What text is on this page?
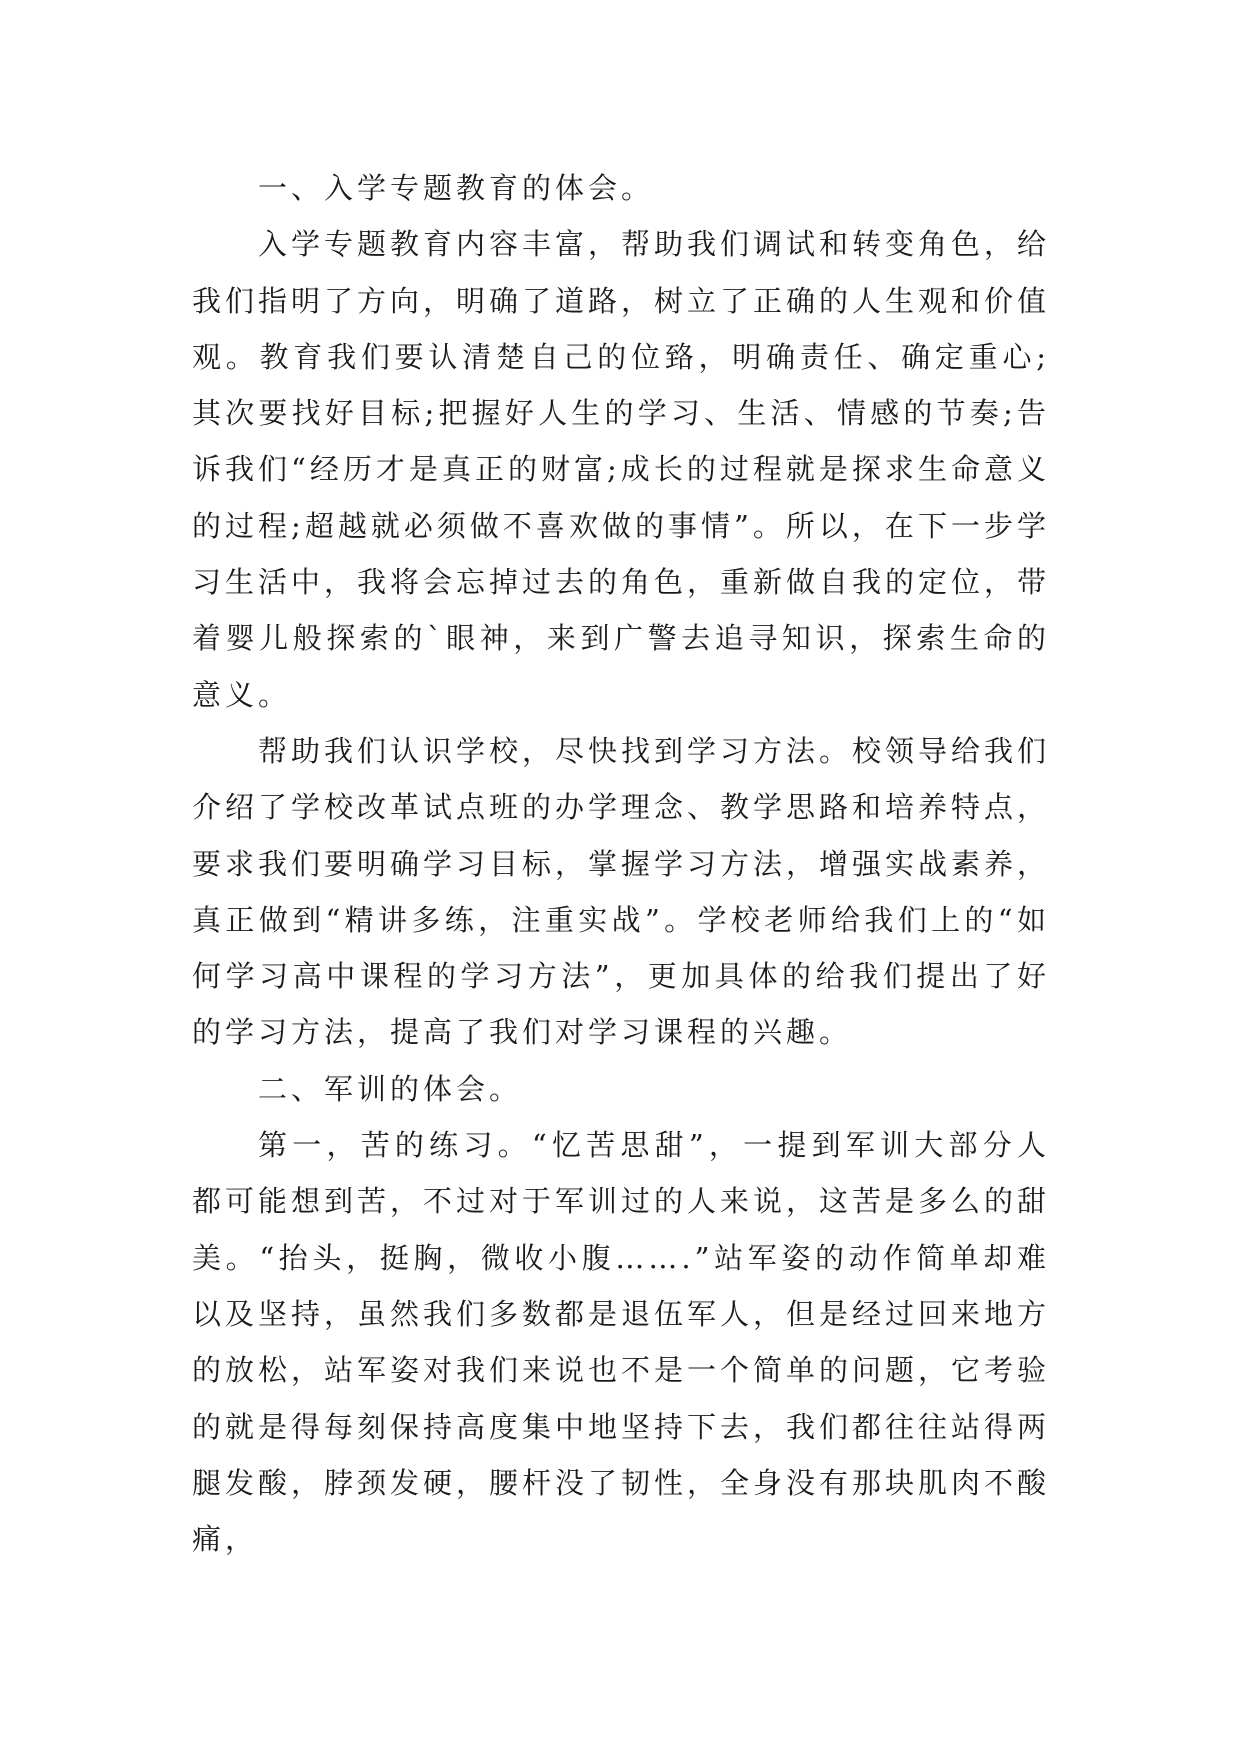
一、入学专题教育的体会。

入学专题教育内容丰富，帮助我们调试和转变角色，给我们指明了方向，明确了道路，树立了正确的人生观和价值观。教育我们要认清楚自己的位臵，明确责任、确定重心;其次要找好目标;把握好人生的学习、生活、情感的节奏;告诉我们“经历才是真正的财富;成长的过程就是探求生命意义的过程;超越就必须做不喜欢做的事情”。所以，在下一步学习生活中，我将会忘掉过去的角色，重新做自我的定位，带着婴儿般探索的`眼神，来到广警去追寻知识，探索生命的意义。

帮助我们认识学校，尽快找到学习方法。校领导给我们介绍了学校改革试点班的办学理念、教学思路和培养特点，要求我们要明确学习目标，掌握学习方法，增强实战素养，真正做到“精讲多练，注重实战”。学校老师给我们上的“如何学习高中课程的学习方法”，更加具体的给我们提出了好的学习方法，提高了我们对学习课程的兴趣。

二、军训的体会。

第一，苦的练习。“忆苦思甜”，一提到军训大部分人都可能想到苦，不过对于军训过的人来说，这苦是多么的甜美。“抬头，挺胸，微收小腹…….”站军姿的动作简单却难以及坚持，虽然我们多数都是退伍军人，但是经过回来地方的放松，站军姿对我们来说也不是一个简单的问题，它考验的就是得每刻保持高度集中地坚持下去，我们都往往站得两腿发酸，脖颈发硬，腰杆没了韧性，全身没有那块肌肉不酸痛，
